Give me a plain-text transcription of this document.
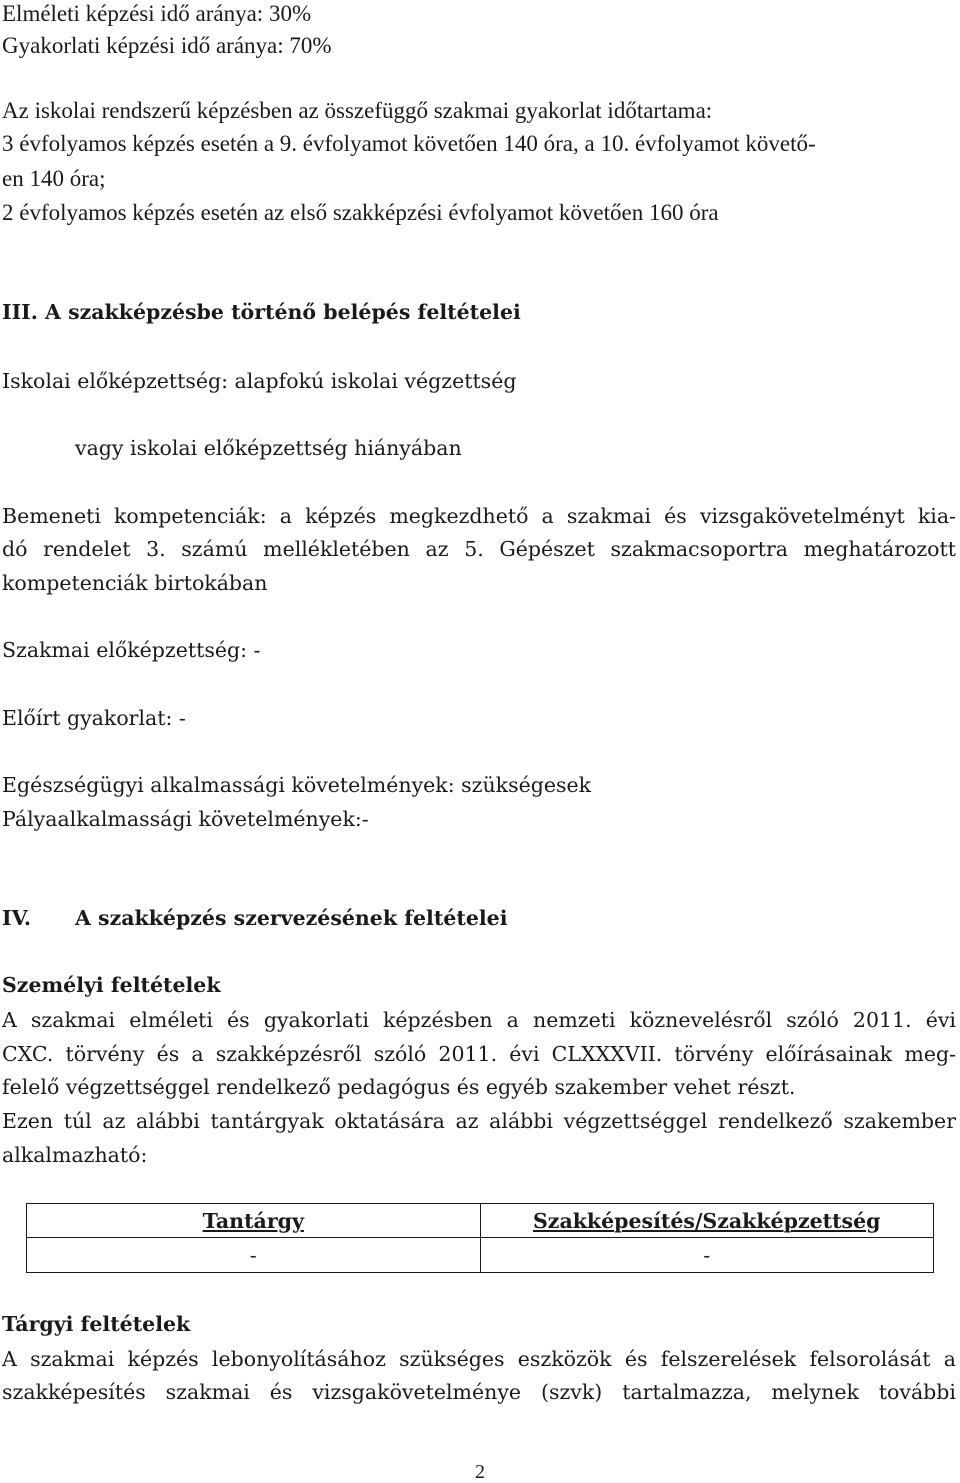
Elméleti képzési idő aránya: 30%
Gyakorlati képzési idő aránya: 70%
Az iskolai rendszerű képzésben az összefüggő szakmai gyakorlat időtartama:
3 évfolyamos képzés esetén a 9. évfolyamot követően 140 óra, a 10. évfolyamot követő-
en 140 óra;
2 évfolyamos képzés esetén az első szakképzési évfolyamot követően 160 óra
III. A szakképzésbe történő belépés feltételei
Iskolai előképzettség: alapfokú iskolai végzettség
vagy iskolai előképzettség hiányában
Bemeneti kompetenciák: a képzés megkezdhető a szakmai és vizsgakövetelményt kia-
dó rendelet 3. számú mellékletében az 5. Gépészet szakmacsoportra meghatározott
kompetenciák birtokában
Szakmai előképzettség: -
Előírt gyakorlat: -
Egészségügyi alkalmassági követelmények: szükségesek
Pályaalkalmassági követelmények:-
IV. A szakképzés szervezésének feltételei
Személyi feltételek
A szakmai elméleti és gyakorlati képzésben a nemzeti köznevelésről szóló 2011. évi
CXC. törvény és a szakképzésről szóló 2011. évi CLXXXVII. törvény előírásainak meg-
felelő végzettséggel rendelkező pedagógus és egyéb szakember vehet részt.
Ezen túl az alábbi tantárgyak oktatására az alábbi végzettséggel rendelkező szakember
alkalmazható:
Tantárgy	Szakképesítés/Szakképzettség
-	-
Tárgyi feltételek
A szakmai képzés lebonyolításához szükséges eszközök és felszerelések felsorolását a
szakképesítés szakmai és vizsgakövetelménye (szvk) tartalmazza, melynek további
2
